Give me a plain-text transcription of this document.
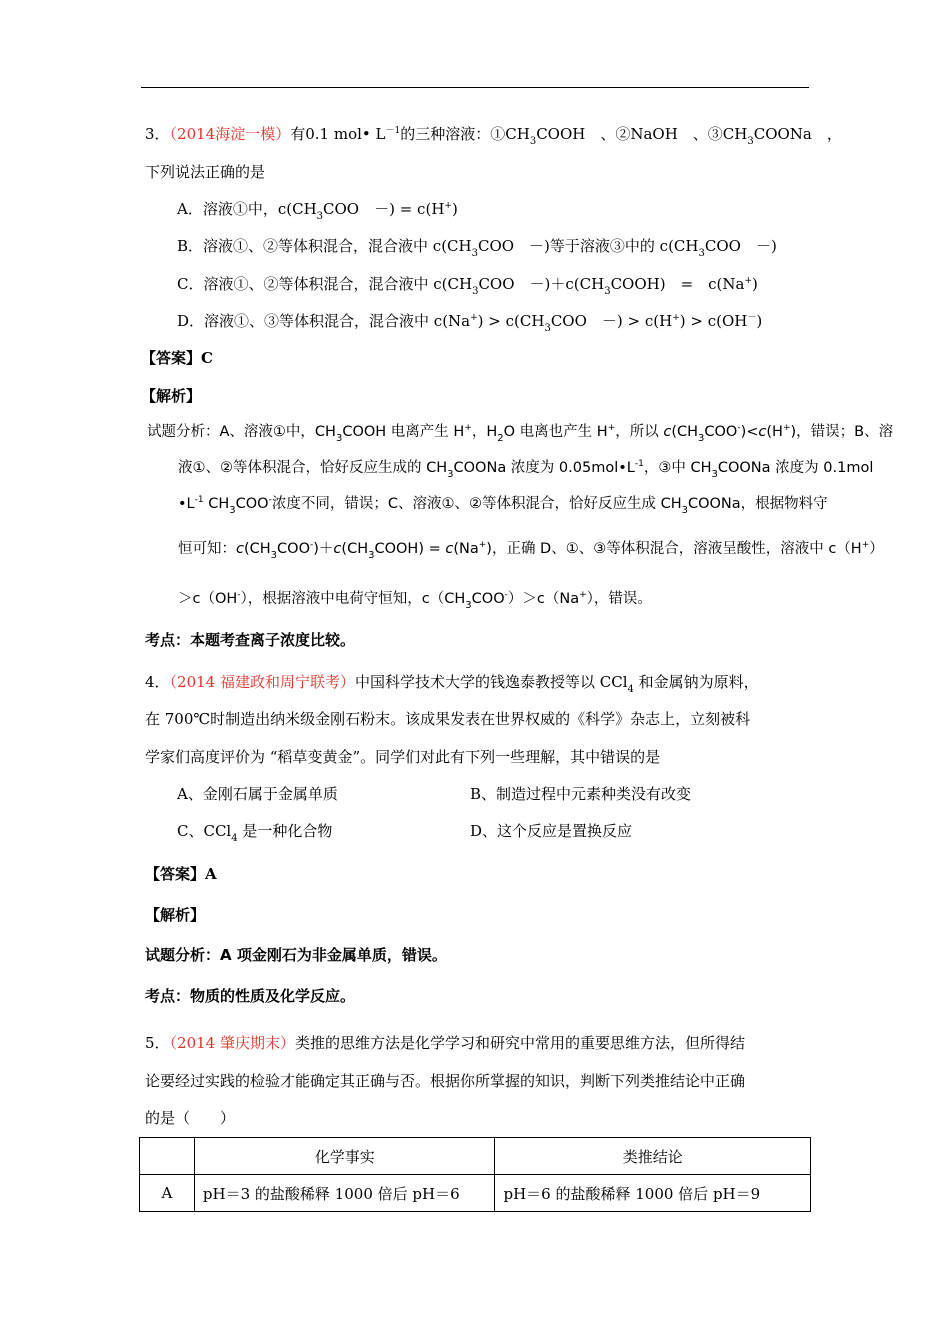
3．（2014海淀一模）有0.1 mol• $L^{-1}$的三种溶液：$①CH_3COOH$　、②NaOH　、$③CH_3COONa$　，
下列说法正确的是
A．溶液①中，$c(CH_3COO$　－) = c(H+)
B．溶液①、②等体积混合，混合液中 $c(CH_3COO$　－)等于溶液③中的 $c(CH_3COO$　－)
C．溶液①、②等体积混合，混合液中 $c(CH_3COO$　$-)+c(CH_3COOH)$　=　c(Na+)
D．溶液①、③等体积混合，混合液中 $c(Na^+) > c(CH_3COO$　－) > c(H+) > c(OH－)
【答案】C
【解析】
试题分析：A、溶液①中，$CH_3COOH$ 电离产生 H+，$H_2O$ 电离也产生 H+，所以 $c(CH_3COO^-)<c(H^+)$，错误；B、溶
液①、②等体积混合，恰好反应生成的 $CH_3COONa$ 浓度为 $0.05mol•L^{-1}$，③中 $CH_3COONa$ 浓度为 0.1mol
$•L^{-1}$ $CH_3COO^-$浓度不同，错误；C、溶液①、②等体积混合，恰好反应生成 $CH_3COONa$，根据物料守
恒可知：$c(CH_3COO^-)+c(CH_3COOH) = c(Na^+)$，正确 D、①、③等体积混合，溶液呈酸性，溶液中 c（H+）
＞c（OH-），根据溶液中电荷守恒知，$c(CH_3COO^-)>c(Na^+)$，错误。
考点：本题考查离子浓度比较。
4．（2014 福建政和周宁联考）中国科学技术大学的钱逸泰教授等以 CCl$_4$ 和金属钠为原料，
在 700℃时制造出纳米级金刚石粉末。该成果发表在世界权威的《科学》杂志上，立刻被科
学家们高度评价为 “稻草变黄金”。同学们对此有下列一些理解，其中错误的是
A、金刚石属于金属单质	B、制造过程中元素种类没有改变
C、CCl$_4$ 是一种化合物	D、这个反应是置换反应
【答案】A
【解析】
试题分析：A 项金刚石为非金属单质，错误。
考点：物质的性质及化学反应。
5．（2014 肇庆期末）类推的思维方法是化学学习和研究中常用的重要思维方法，但所得结
论要经过实践的检验才能确定其正确与否。根据你所掌握的知识，判断下列类推结论中正确
的是（　　）
	化学事实	类推结论
A	pH＝3 的盐酸稀释 1000 倍后 pH＝6	pH＝6 的盐酸稀释 1000 倍后 pH＝9
